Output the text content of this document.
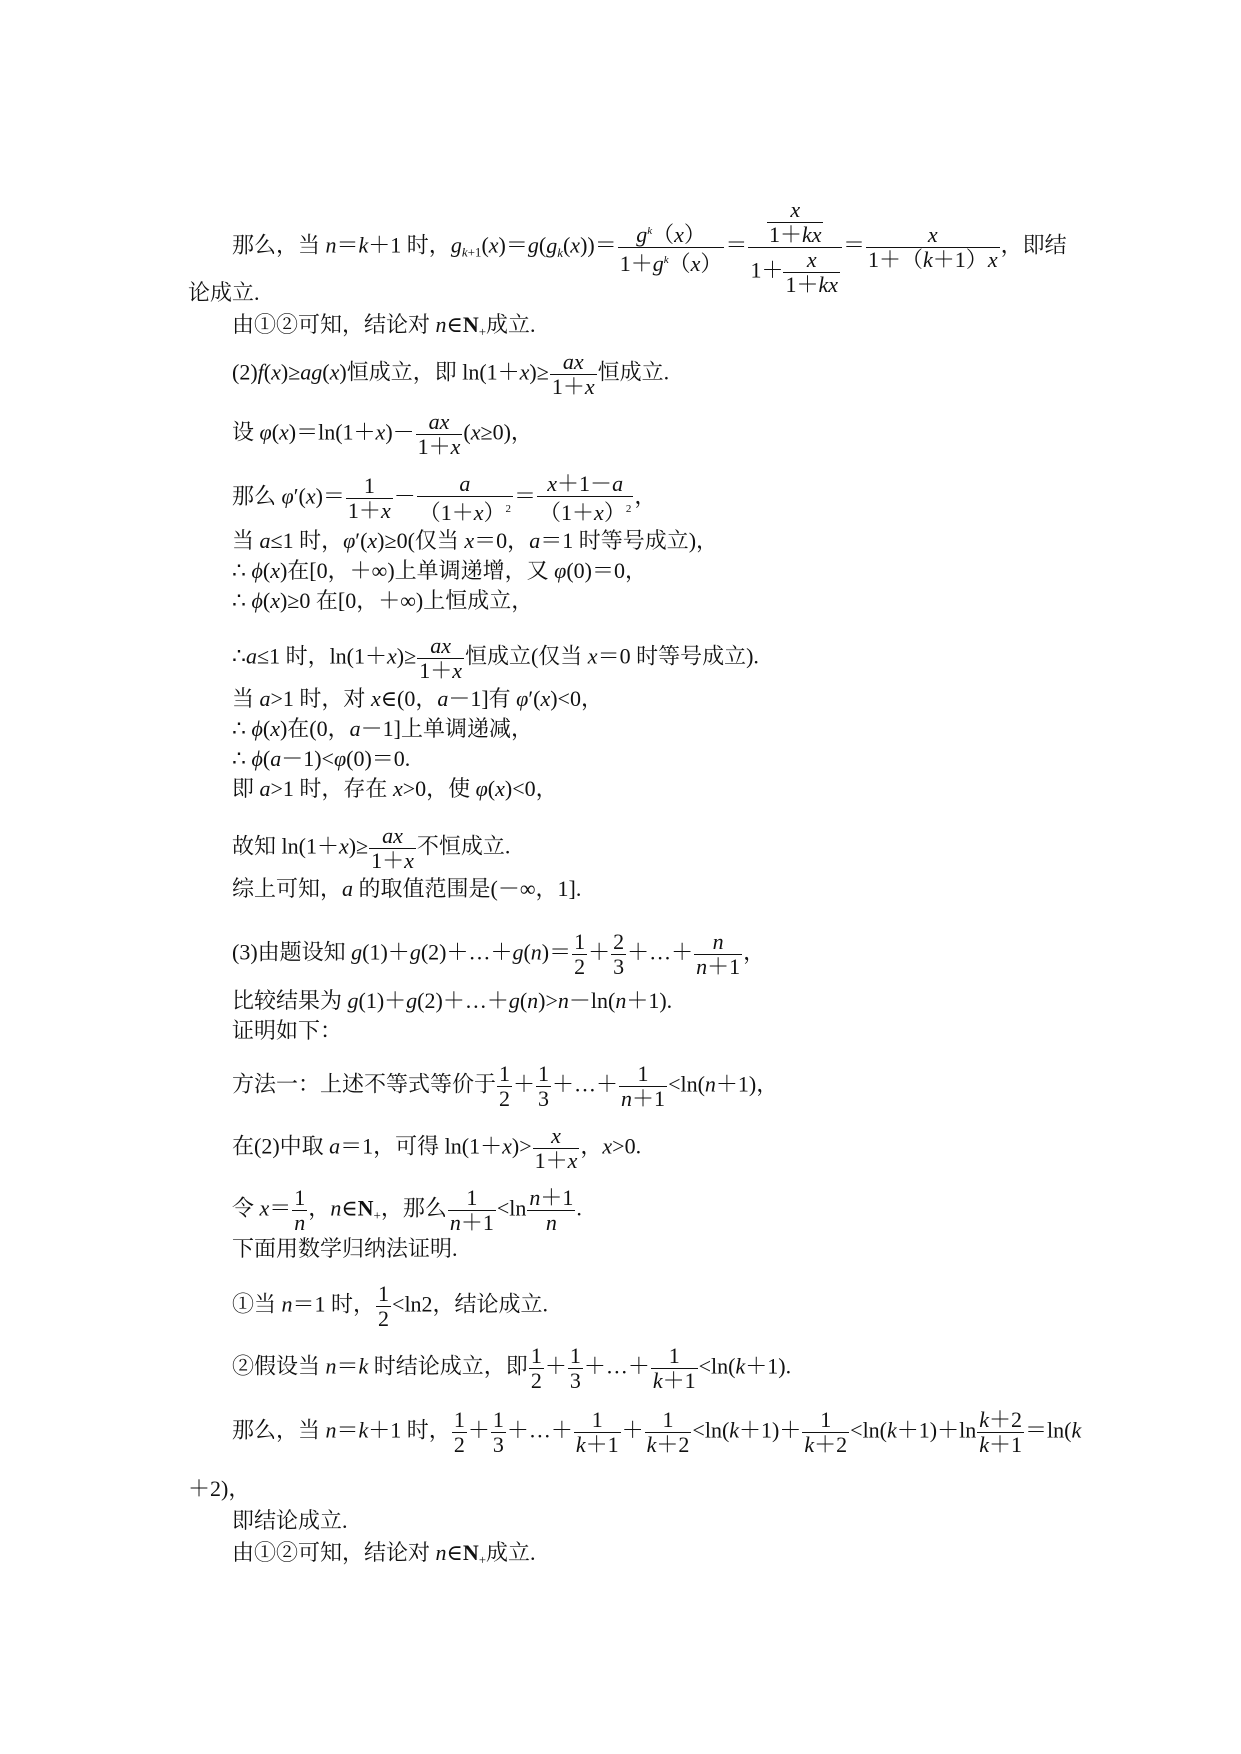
那么，当 n＝k＋1 时，$g_{k+1}(x)=g(g_k(x))= \frac{g^k(x)}{1+g^k(x)} = \frac{\frac{x}{1+kx}}{1+ \frac{x}{1+kx}} = \frac{x}{1+(k+1)x}$ ，即结
论成立.
由①②可知，结论对 $n\in N_+$成立.
(2)f(x)≥ag(x)恒成立，即 $\ln(1+x)\ge \frac{ax}{1+x}$ 恒成立.
设 $\varphi(x)=\ln(1+x)- \frac{ax}{1+x} (x\ge 0)$，
那么 $\varphi'(x)= \frac{1}{1+x} - \frac{a}{(1+x)^2} = \frac{x+1-a}{(1+x)^2}$ ，
当 a≤1 时，φ′(x)≥0(仅当 x＝0，a＝1 时等号成立)，
∴ ϕ(x)在[0，＋∞)上单调递增，又 φ(0)＝0，
∴ ϕ(x)≥0 在[0，＋∞)上恒成立，
∴a≤1 时，$\ln(1+x)\ge \frac{ax}{1+x}$ 恒成立(仅当 x＝0 时等号成立).
当 a>1 时，对 x∈(0，a－1]有 φ′(x)<0，
∴ ϕ(x)在(0，a－1]上单调递减，
∴ ϕ(a－1)<φ(0)＝0.
即 a>1 时，存在 x>0，使 φ(x)<0，
故知 $\ln(1+x)\ge \frac{ax}{1+x}$ 不恒成立.
综上可知，a 的取值范围是(－∞，1].
(3)由题设知 g(1)＋g(2)＋…＋g(n)＝ $\frac{1}{2} + \frac{2}{3}$ ＋…＋ $\frac{n}{n+1}$ ，
比较结果为 g(1)＋g(2)＋…＋g(n)>n－ln(n＋1).
证明如下：
方法一：上述不等式等价于 $\frac{1}{2} + \frac{1}{3}$ ＋…＋ $\frac{1}{n+1} <\ln(n+1)$，
在(2)中取 a＝1，可得 $\ln(1+x)> \frac{x}{1+x}$ ，x>0.
令 $x= \frac{1}{n}$ ，$n\in N_+$，那么 $\frac{1}{n+1} <\ln \frac{n+1}{n}$ .
下面用数学归纳法证明.
①当 n＝1 时， $\frac{1}{2} <\ln 2$，结论成立.
②假设当 n＝k 时结论成立，即 $\frac{1}{2} + \frac{1}{3}$ ＋…＋ $\frac{1}{k+1} <\ln(k+1)$.
那么，当 n＝k＋1 时， $\frac{1}{2} + \frac{1}{3}$ ＋…＋ $\frac{1}{k+1} + \frac{1}{k+2} <\ln(k+1)+ \frac{1}{k+2} <\ln(k+1)+\ln \frac{k+2}{k+1} =\ln(k$
＋2)，
即结论成立.
由①②可知，结论对 $n\in N_+$成立.
